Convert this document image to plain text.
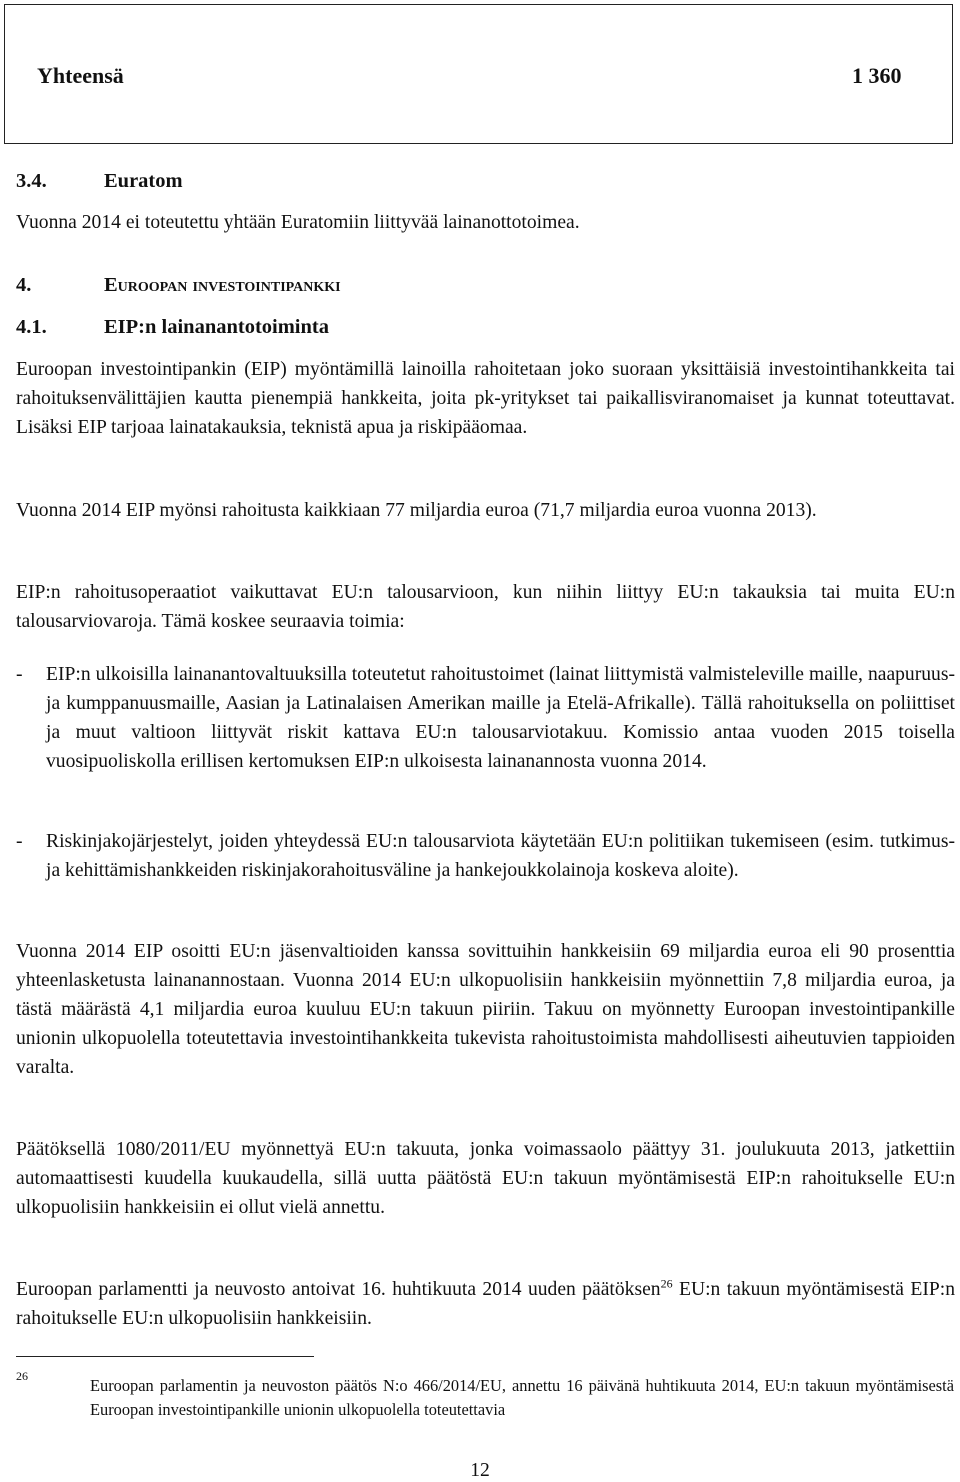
Yhteensä	1 360
3.4.	Euratom

Vuonna 2014 ei toteutettu yhtään Euratomiin liittyvää lainanottotoimea.

4.	Euroopan investointipankki
4.1.	EIP:n lainanantotoiminta

Euroopan investointipankin (EIP) myöntämillä lainoilla rahoitetaan joko suoraan yksittäisiä investointihankkeita tai rahoituksenvälittäjien kautta pienempiä hankkeita, joita pk-yritykset tai paikallisviranomaiset ja kunnat toteuttavat. Lisäksi EIP tarjoaa lainatakauksia, teknistä apua ja riskipääomaa.

Vuonna 2014 EIP myönsi rahoitusta kaikkiaan 77 miljardia euroa (71,7 miljardia euroa vuonna 2013).

EIP:n rahoitusoperaatiot vaikuttavat EU:n talousarvioon, kun niihin liittyy EU:n takauksia tai muita EU:n talousarviovaroja. Tämä koskee seuraavia toimia:

- EIP:n ulkoisilla lainanantovaltuuksilla toteutetut rahoitustoimet (lainat liittymistä valmisteleville maille, naapuruus- ja kumppanuusmaille, Aasian ja Latinalaisen Amerikan maille ja Etelä-Afrikalle). Tällä rahoituksella on poliittiset ja muut valtioon liittyvät riskit kattava EU:n talousarviotakuu. Komissio antaa vuoden 2015 toisella vuosipuoliskolla erillisen kertomuksen EIP:n ulkoisesta lainanannosta vuonna 2014.
- Riskinjakojärjestelyt, joiden yhteydessä EU:n talousarviota käytetään EU:n politiikan tukemiseen (esim. tutkimus- ja kehittämishankkeiden riskinjakorahoitusväline ja hankejoukkolainoja koskeva aloite).

Vuonna 2014 EIP osoitti EU:n jäsenvaltioiden kanssa sovittuihin hankkeisiin 69 miljardia euroa eli 90 prosenttia yhteenlasketusta lainanannostaan. Vuonna 2014 EU:n ulkopuolisiin hankkeisiin myönnettiin 7,8 miljardia euroa, ja tästä määrästä 4,1 miljardia euroa kuuluu EU:n takuun piiriin. Takuu on myönnetty Euroopan investointipankille unionin ulkopuolella toteutettavia investointihankkeita tukevista rahoitustoimista mahdollisesti aiheutuvien tappioiden varalta.

Päätöksellä 1080/2011/EU myönnettyä EU:n takuuta, jonka voimassaolo päättyy 31. joulukuuta 2013, jatkettiin automaattisesti kuudella kuukaudella, sillä uutta päätöstä EU:n takuun myöntämisestä EIP:n rahoitukselle EU:n ulkopuolisiin hankkeisiin ei ollut vielä annettu.

Euroopan parlamentti ja neuvosto antoivat 16. huhtikuuta 2014 uuden päätöksen$^{26}$ EU:n takuun myöntämisestä EIP:n rahoitukselle EU:n ulkopuolisiin hankkeisiin.

26	Euroopan parlamentin ja neuvoston päätös N:o 466/2014/EU, annettu 16 päivänä huhtikuuta 2014, EU:n takuun myöntämisestä Euroopan investointipankille unionin ulkopuolella toteutettavia

12
